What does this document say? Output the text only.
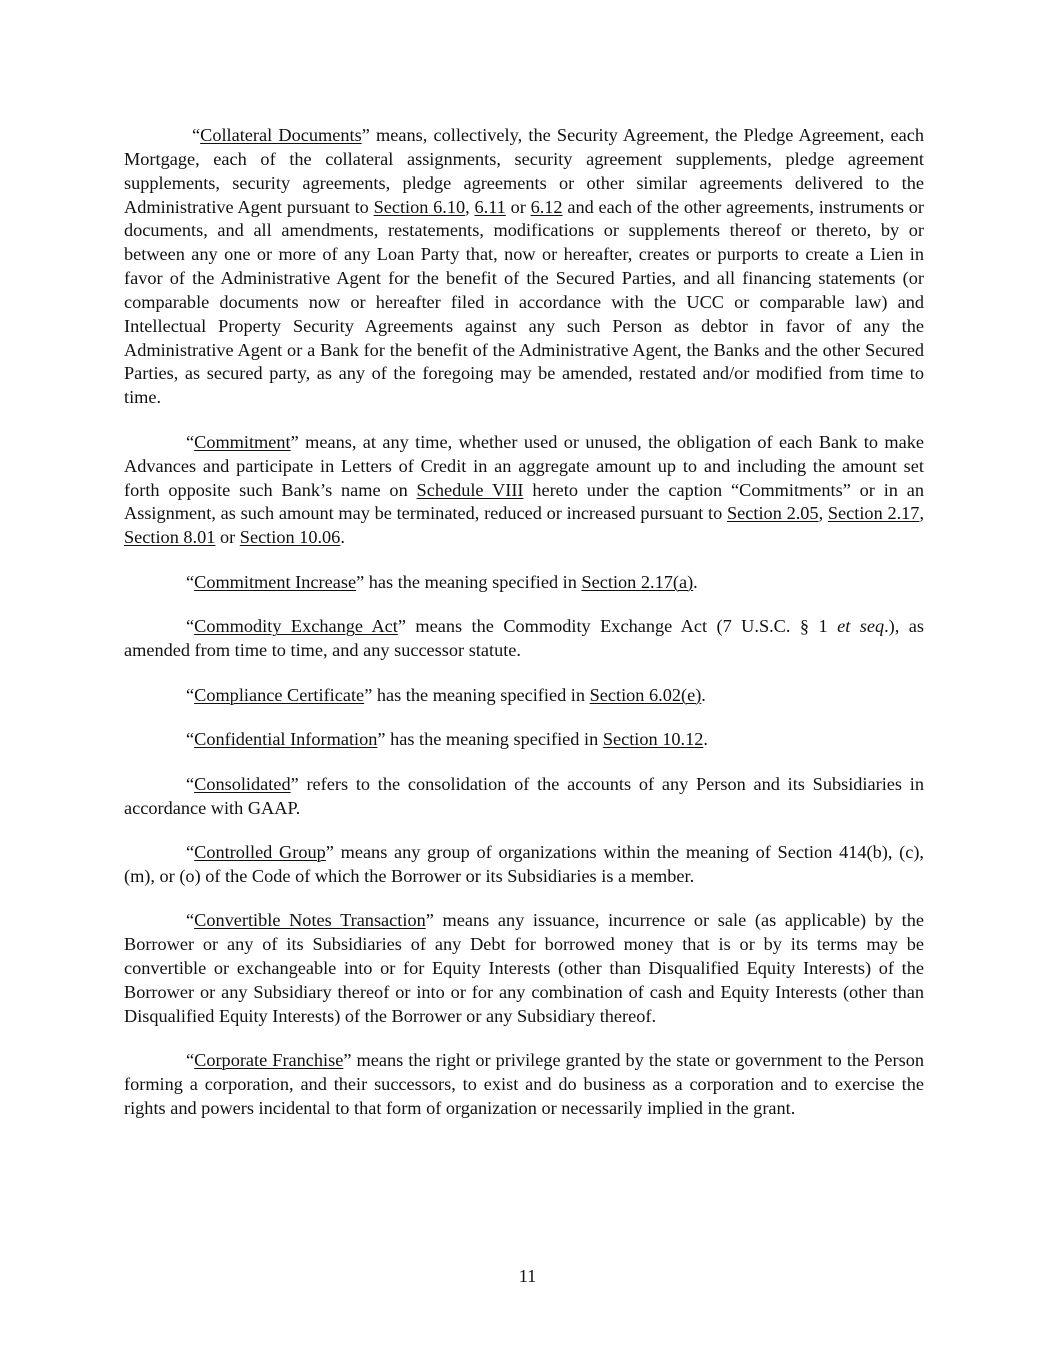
“Collateral Documents” means, collectively, the Security Agreement, the Pledge Agreement, each Mortgage, each of the collateral assignments, security agreement supplements, pledge agreement supplements, security agreements, pledge agreements or other similar agreements delivered to the Administrative Agent pursuant to Section 6.10, 6.11 or 6.12 and each of the other agreements, instruments or documents, and all amendments, restatements, modifications or supplements thereof or thereto, by or between any one or more of any Loan Party that, now or hereafter, creates or purports to create a Lien in favor of the Administrative Agent for the benefit of the Secured Parties, and all financing statements (or comparable documents now or hereafter filed in accordance with the UCC or comparable law) and Intellectual Property Security Agreements against any such Person as debtor in favor of any the Administrative Agent or a Bank for the benefit of the Administrative Agent, the Banks and the other Secured Parties, as secured party, as any of the foregoing may be amended, restated and/or modified from time to time.

“Commitment” means, at any time, whether used or unused, the obligation of each Bank to make Advances and participate in Letters of Credit in an aggregate amount up to and including the amount set forth opposite such Bank’s name on Schedule VIII hereto under the caption “Commitments” or in an Assignment, as such amount may be terminated, reduced or increased pursuant to Section 2.05, Section 2.17, Section 8.01 or Section 10.06.

“Commitment Increase” has the meaning specified in Section 2.17(a).

“Commodity Exchange Act” means the Commodity Exchange Act (7 U.S.C. § 1 et seq.), as amended from time to time, and any successor statute.

“Compliance Certificate” has the meaning specified in Section 6.02(e).

“Confidential Information” has the meaning specified in Section 10.12.

“Consolidated” refers to the consolidation of the accounts of any Person and its Subsidiaries in accordance with GAAP.

“Controlled Group” means any group of organizations within the meaning of Section 414(b), (c), (m), or (o) of the Code of which the Borrower or its Subsidiaries is a member.

“Convertible Notes Transaction” means any issuance, incurrence or sale (as applicable) by the Borrower or any of its Subsidiaries of any Debt for borrowed money that is or by its terms may be convertible or exchangeable into or for Equity Interests (other than Disqualified Equity Interests) of the Borrower or any Subsidiary thereof or into or for any combination of cash and Equity Interests (other than Disqualified Equity Interests) of the Borrower or any Subsidiary thereof.

“Corporate Franchise” means the right or privilege granted by the state or government to the Person forming a corporation, and their successors, to exist and do business as a corporation and to exercise the rights and powers incidental to that form of organization or necessarily implied in the grant.

11
